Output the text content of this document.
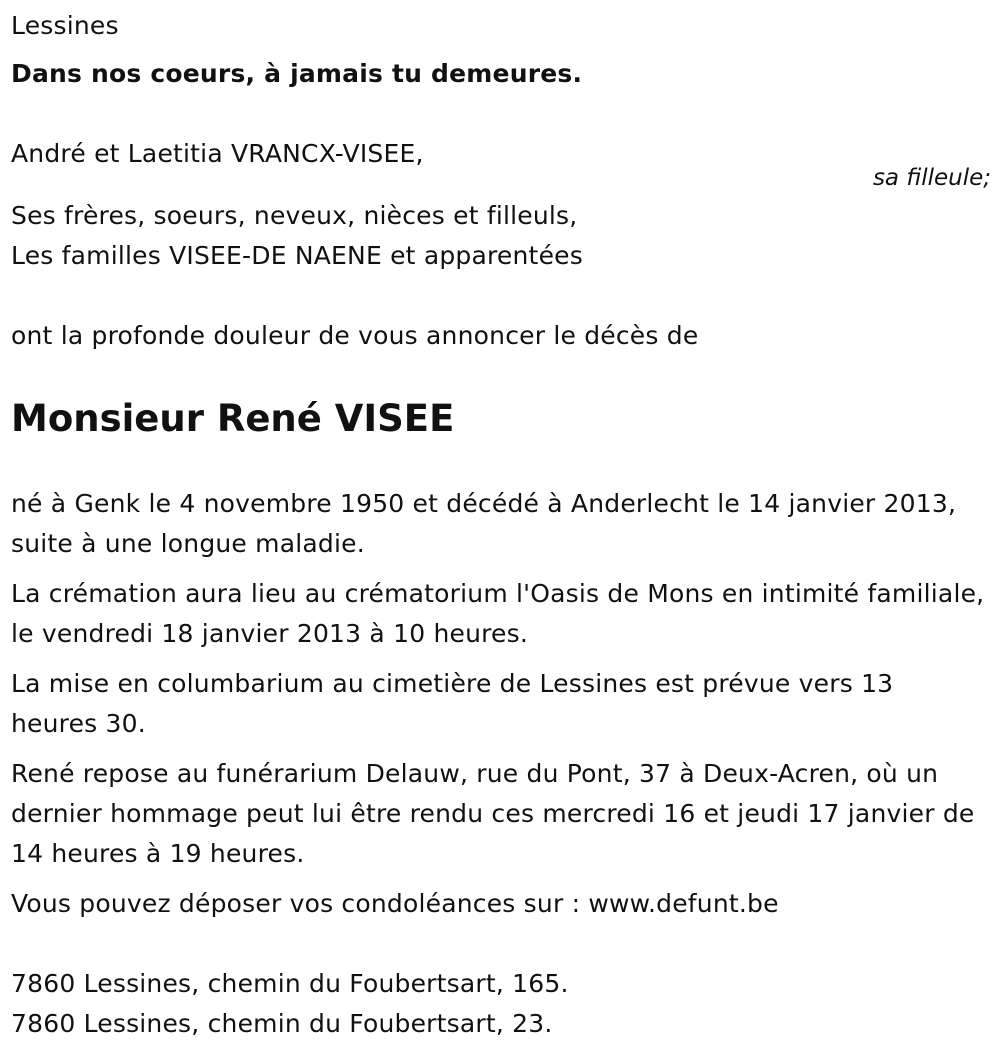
Lessines
Dans nos coeurs, à jamais tu demeures.
André et Laetitia VRANCX-VISEE,
sa filleule;
Ses frères, soeurs, neveux, nièces et filleuls,
Les familles VISEE-DE NAENE et apparentées
ont la profonde douleur de vous annoncer le décès de
Monsieur René VISEE
né à Genk le 4 novembre 1950 et décédé à Anderlecht le 14 janvier 2013, suite à une longue maladie.
La crémation aura lieu au crématorium l'Oasis de Mons en intimité familiale, le vendredi 18 janvier 2013 à 10 heures.
La mise en columbarium au cimetière de Lessines est prévue vers 13 heures 30.
René repose au funérarium Delauw, rue du Pont, 37 à Deux-Acren, où un dernier hommage peut lui être rendu ces mercredi 16 et jeudi 17 janvier de 14 heures à 19 heures.
Vous pouvez déposer vos condoléances sur : www.defunt.be
7860 Lessines, chemin du Foubertsart, 165.
7860 Lessines, chemin du Foubertsart, 23.
